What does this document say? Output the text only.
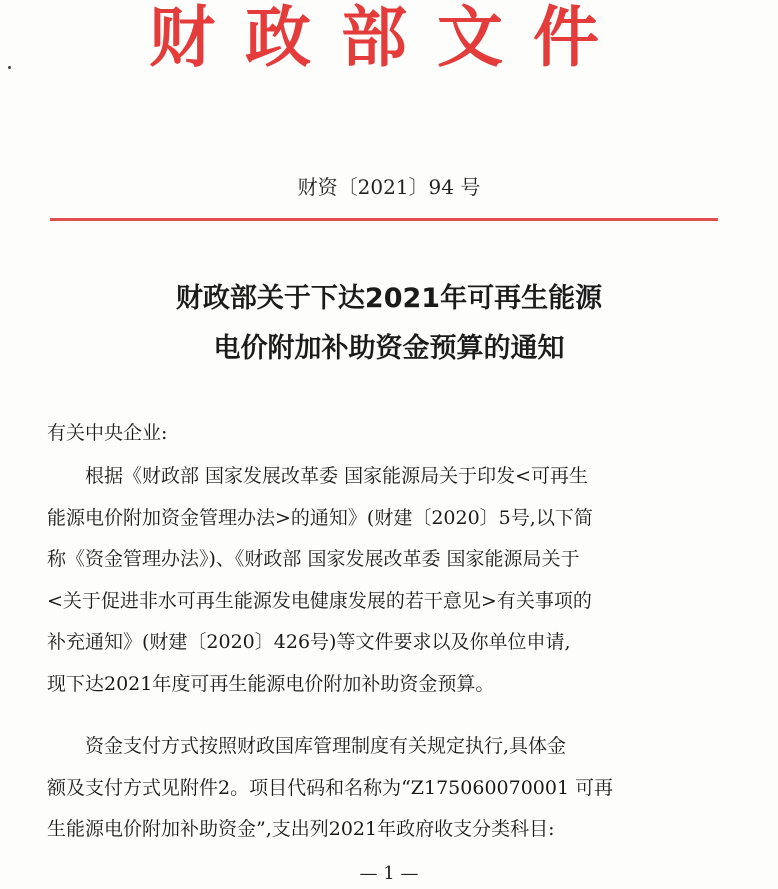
财政部文件
财资〔2021〕94 号
财政部关于下达2021年可再生能源
电价附加补助资金预算的通知
有关中央企业:
根据《财政部 国家发展改革委 国家能源局关于印发<可再生
能源电价附加资金管理办法>的通知》(财建〔2020〕5号,以下简
称《资金管理办法》)、《财政部 国家发展改革委 国家能源局关于
<关于促进非水可再生能源发电健康发展的若干意见>有关事项的
补充通知》(财建〔2020〕426号)等文件要求以及你单位申请,
现下达2021年度可再生能源电价附加补助资金预算。
资金支付方式按照财政国库管理制度有关规定执行,具体金
额及支付方式见附件2。项目代码和名称为“Z175060070001 可再
生能源电价附加补助资金”,支出列2021年政府收支分类科目:
— 1 —
